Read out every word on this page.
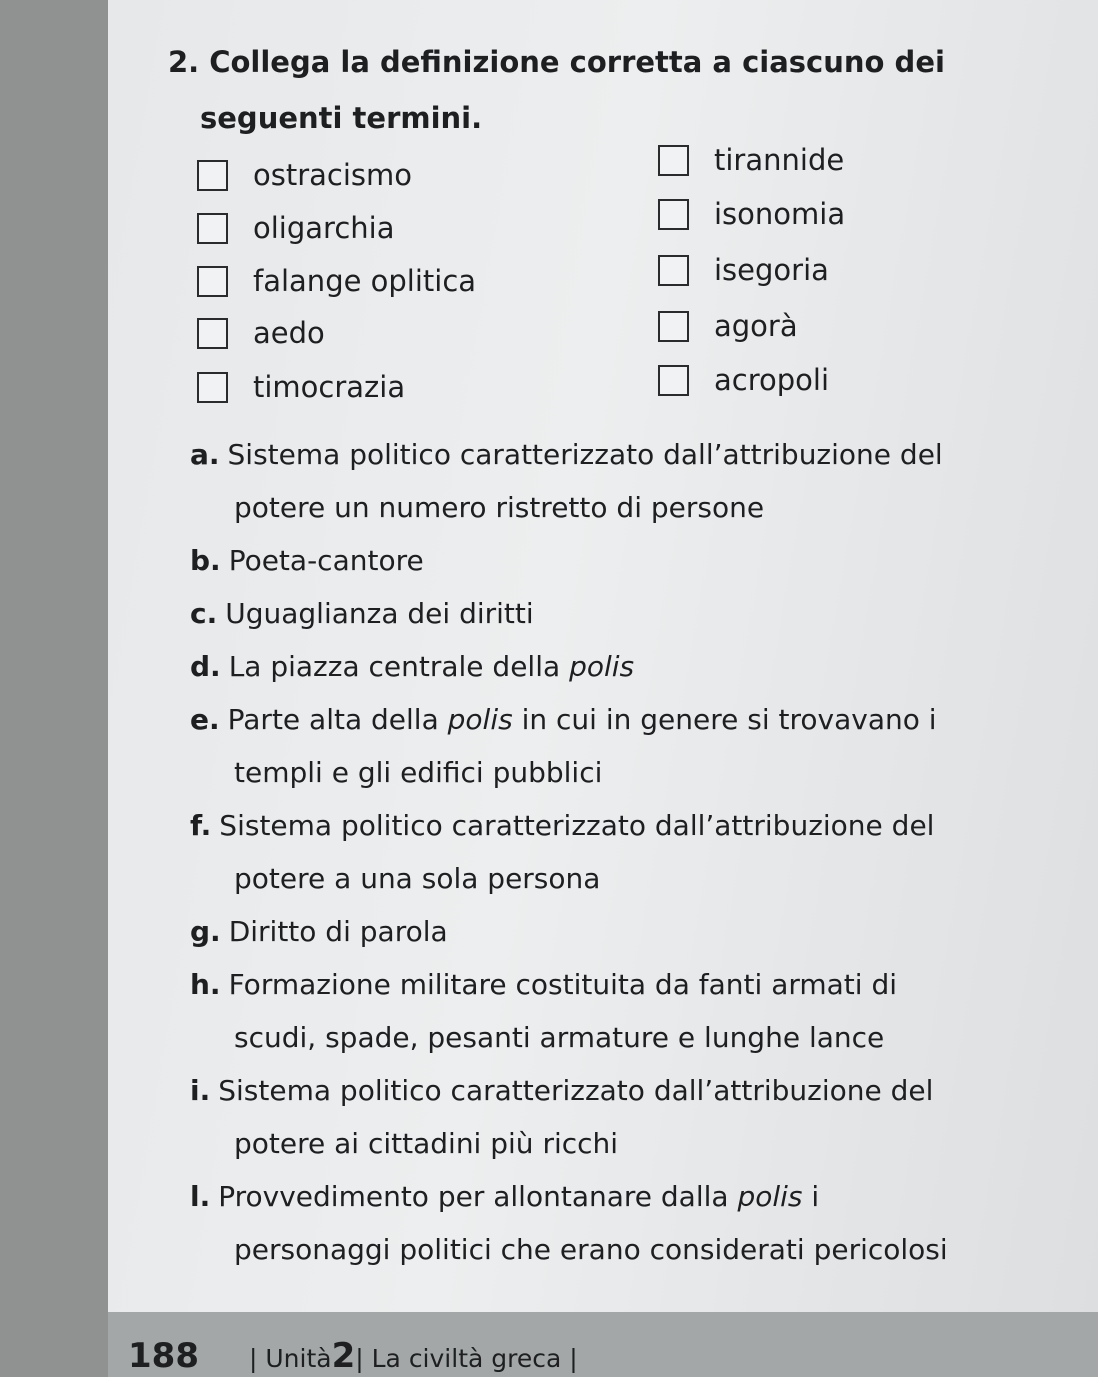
2. Collega la definizione corretta a ciascuno dei
seguenti termini.
ostracismo
oligarchia
falange oplitica
aedo
timocrazia
tirannide
isonomia
isegoria
agorà
acropoli
a. Sistema politico caratterizzato dall’attribuzione del
potere un numero ristretto di persone
b. Poeta-cantore
c. Uguaglianza dei diritti
d. La piazza centrale della polis
e. Parte alta della polis in cui in genere si trovavano i
templi e gli edifici pubblici
f. Sistema politico caratterizzato dall’attribuzione del
potere a una sola persona
g. Diritto di parola
h. Formazione militare costituita da fanti armati di
scudi, spade, pesanti armature e lunghe lance
i. Sistema politico caratterizzato dall’attribuzione del
potere ai cittadini più ricchi
l. Provvedimento per allontanare dalla polis i
personaggi politici che erano considerati pericolosi
188 | Unità 2 | La civiltà greca |
